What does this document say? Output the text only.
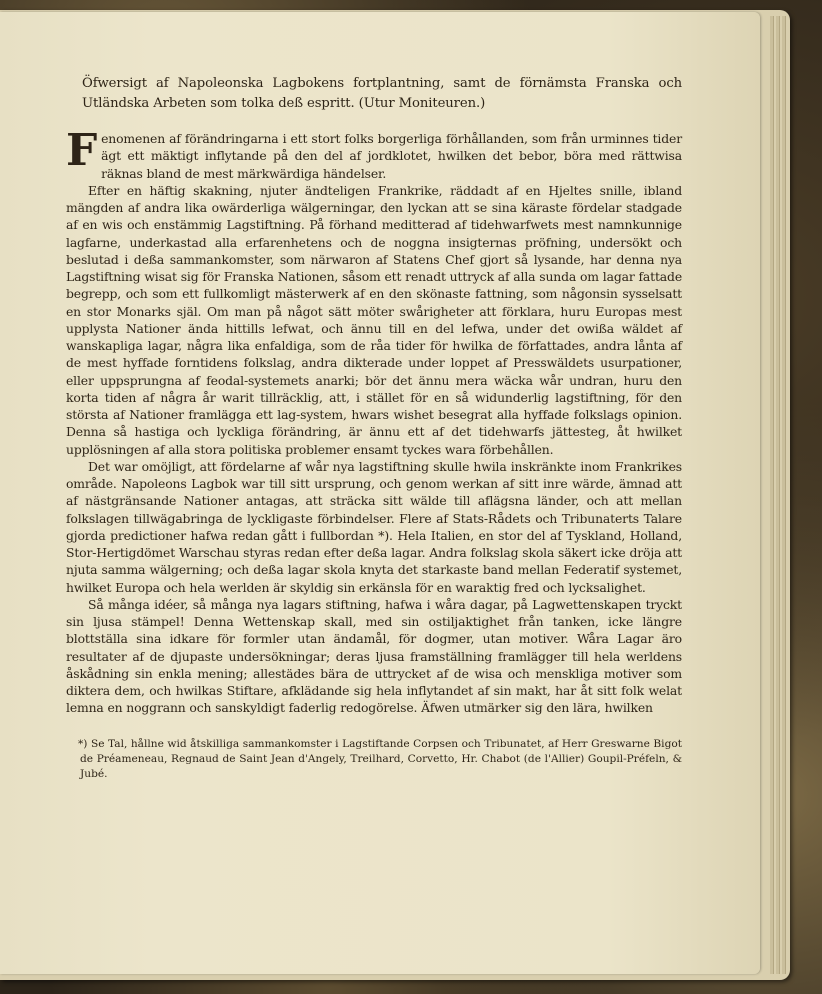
Öfwersigt af Napoleonska Lagbokens fortplantning, samt de förnämsta Franska och Utländska Arbeten som tolka deß espritt. (Utur Moniteuren.)

Fenomenen af förändringarna i ett stort folks borgerliga förhållanden, som från urminnes tider ägt ett mäktigt inflytande på den del af jordklotet, hwilken det bebor, böra med rättwisa räknas bland de mest märkwärdiga händelser.

Efter en häftig skakning, njuter ändteligen Frankrike, räddadt af en Hjeltes snille, ibland mängden af andra lika owärderliga wälgerningar, den lyckan att se sina käraste fördelar stadgade af en wis och enstämmig Lagstiftning. På förhand meditterad af tidehwarfwets mest namnkunnige lagfarne, underkastad alla erfarenhetens och de noggna insigternas pröfning, undersökt och beslutad i deßa sammankomster, som närwaron af Statens Chef gjort så lysande, har denna nya Lagstiftning wisat sig för Franska Nationen, såsom ett renadt uttryck af alla sunda om lagar fattade begrepp, och som ett fullkomligt mästerwerk af en den skönaste fattning, som någonsin sysselsatt en stor Monarks själ. Om man på något sätt möter swårigheter att förklara, huru Europas mest upplysta Nationer ända hittills lefwat, och ännu till en del lefwa, under det owißa wäldet af wanskapliga lagar, några lika enfaldiga, som de råa tider för hwilka de författades, andra lånta af de mest hyffade forntidens folkslag, andra dikterade under loppet af Presswäldets usurpationer, eller uppsprungna af feodal-systemets anarki; bör det ännu mera wäcka wår undran, huru den korta tiden af några år warit tillräcklig, att, i stället för en så widunderlig lagstiftning, för den största af Nationer framlägga ett lag-system, hwars wishet besegrat alla hyffade folkslags opinion. Denna så hastiga och lyckliga förändring, är ännu ett af det tidehwarfs jättesteg, åt hwilket upplösningen af alla stora politiska problemer ensamt tyckes wara förbehållen.

Det war omöjligt, att fördelarne af wår nya lagstiftning skulle hwila inskränkte inom Frankrikes område. Napoleons Lagbok war till sitt ursprung, och genom werkan af sitt inre wärde, ämnad att af nästgränsande Nationer antagas, att sträcka sitt wälde till aflägsna länder, och att mellan folkslagen tillwägabringa de lyckligaste förbindelser. Flere af Stats-Rådets och Tribunaterts Talare gjorda predictioner hafwa redan gått i fullbordan *). Hela Italien, en stor del af Tyskland, Holland, Stor-Hertigdömet Warschau styras redan efter deßa lagar. Andra folkslag skola säkert icke dröja att njuta samma wälgerning; och deßa lagar skola knyta det starkaste band mellan Federatif systemet, hwilket Europa och hela werlden är skyldig sin erkänsla för en waraktig fred och lycksalighet.

Så många idéer, så många nya lagars stiftning, hafwa i wåra dagar, på Lagwettenskapen tryckt sin ljusa stämpel! Denna Wettenskap skall, med sin ostiljaktighet från tanken, icke längre blottställa sina idkare för formler utan ändamål, för dogmer, utan motiver. Wåra Lagar äro resultater af de djupaste undersökningar; deras ljusa framställning framlägger till hela werldens åskådning sin enkla mening; allestädes bära de uttrycket af de wisa och menskliga motiver som diktera dem, och hwilkas Stiftare, afklädande sig hela inflytandet af sin makt, har åt sitt folk welat lemna en noggrann och sanskyldigt faderlig redogörelse. Äfwen utmärker sig den lära, hwilken

*) Se Tal, hållne wid åtskilliga sammankomster i Lagstiftande Corpsen och Tribunatet, af Herr Greswarne Bigot de Préameneau, Regnaud de Saint Jean d'Angely, Treilhard, Corvetto, Hr. Chabot (de l'Allier) Goupil-Préfeln, & Jubé.
